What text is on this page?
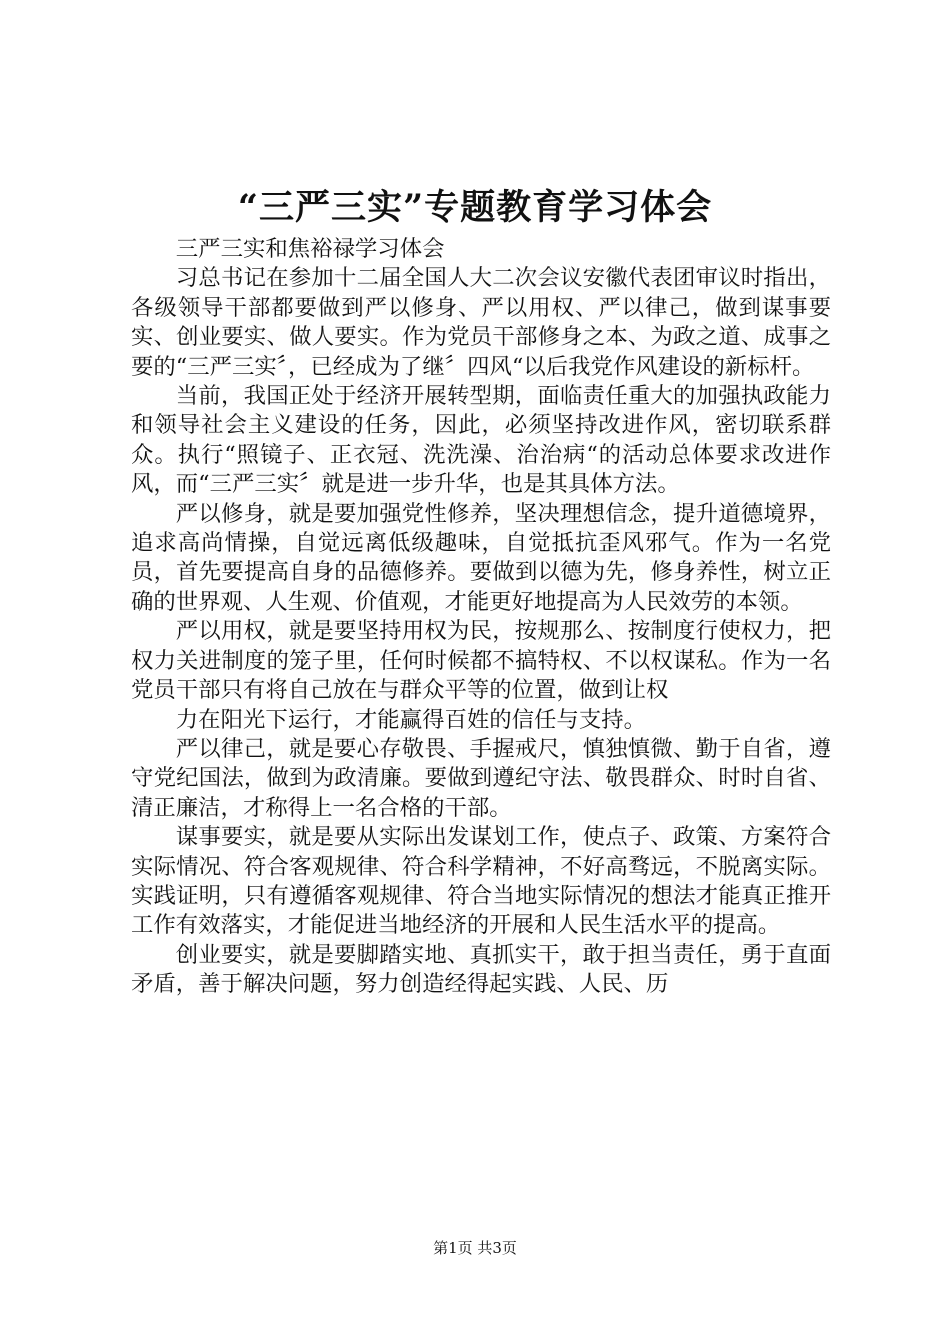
“三严三实”专题教育学习体会

三严三实和焦裕禄学习体会

习总书记在参加十二届全国人大二次会议安徽代表团审议时指出，各级领导干部都要做到严以修身、严以用权、严以律己，做到谋事要实、创业要实、做人要实。作为党员干部修身之本、为政之道、成事之要的“三严三实〞，已经成为了继〞四风“以后我党作风建设的新标杆。

当前，我国正处于经济开展转型期，面临责任重大的加强执政能力和领导社会主义建设的任务，因此，必须坚持改进作风，密切联系群众。执行“照镜子、正衣冠、洗洗澡、治治病“的活动总体要求改进作风，而“三严三实〞就是进一步升华，也是其具体方法。

严以修身，就是要加强党性修养，坚决理想信念，提升道德境界，追求高尚情操，自觉远离低级趣味，自觉抵抗歪风邪气。作为一名党员，首先要提高自身的品德修养。要做到以德为先，修身养性，树立正确的世界观、人生观、价值观，才能更好地提高为人民效劳的本领。

严以用权，就是要坚持用权为民，按规那么、按制度行使权力，把权力关进制度的笼子里，任何时候都不搞特权、不以权谋私。作为一名党员干部只有将自己放在与群众平等的位置，做到让权

力在阳光下运行，才能赢得百姓的信任与支持。

严以律己，就是要心存敬畏、手握戒尺，慎独慎微、勤于自省，遵守党纪国法，做到为政清廉。要做到遵纪守法、敬畏群众、时时自省、清正廉洁，才称得上一名合格的干部。

谋事要实，就是要从实际出发谋划工作，使点子、政策、方案符合实际情况、符合客观规律、符合科学精神，不好高骛远，不脱离实际。实践证明，只有遵循客观规律、符合当地实际情况的想法才能真正推开工作有效落实，才能促进当地经济的开展和人民生活水平的提高。

创业要实，就是要脚踏实地、真抓实干，敢于担当责任，勇于直面矛盾，善于解决问题，努力创造经得起实践、人民、历

第1页 共3页
